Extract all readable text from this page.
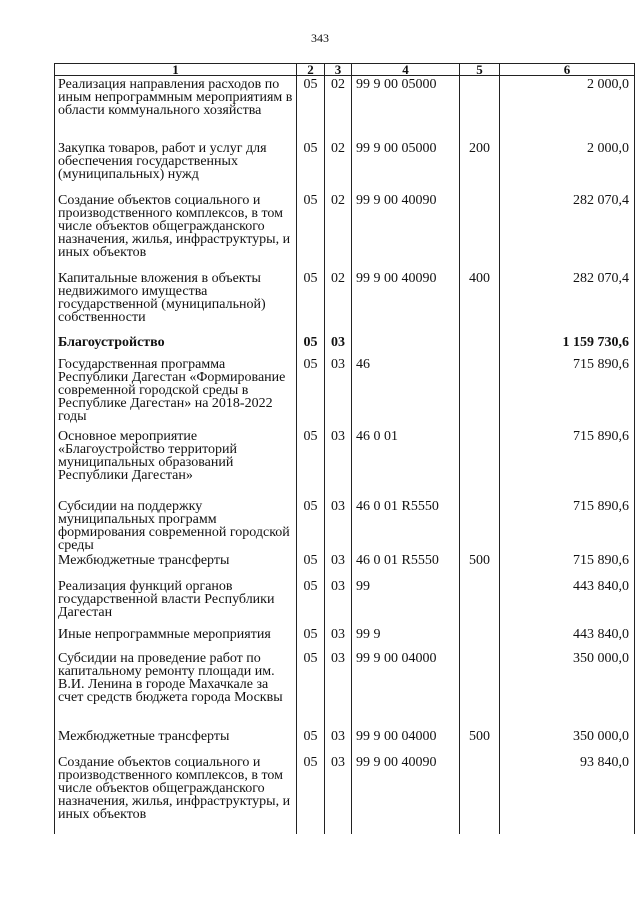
343
1	2	3	4	5	6
Реализация направления расходов по иным непрограммным мероприятиям в области коммунального хозяйства	05	02	99 9 00 05000		2 000,0
Закупка товаров, работ и услуг для обеспечения государственных (муниципальных) нужд	05	02	99 9 00 05000	200	2 000,0
Создание объектов социального и производственного комплексов, в том числе объектов общегражданского назначения, жилья, инфраструктуры, и иных объектов	05	02	99 9 00 40090		282 070,4
Капитальные вложения в объекты недвижимого имущества государственной (муниципальной) собственности	05	02	99 9 00 40090	400	282 070,4
Благоустройство	05	03			1 159 730,6
Государственная программа Республики Дагестан «Формирование современной городской среды в Республике Дагестан» на 2018-2022 годы	05	03	46		715 890,6
Основное мероприятие «Благоустройство территорий муниципальных образований Республики Дагестан»	05	03	46 0 01		715 890,6
Субсидии на поддержку муниципальных программ формирования современной городской среды	05	03	46 0 01 R5550		715 890,6
Межбюджетные трансферты	05	03	46 0 01 R5550	500	715 890,6
Реализация функций органов государственной власти Республики Дагестан	05	03	99		443 840,0
Иные непрограммные мероприятия	05	03	99 9		443 840,0
Субсидии на проведение работ по капитальному ремонту площади им. В.И. Ленина в городе Махачкале за счет средств бюджета города Москвы	05	03	99 9 00 04000		350 000,0
Межбюджетные трансферты	05	03	99 9 00 04000	500	350 000,0
Создание объектов социального и производственного комплексов, в том числе объектов общегражданского назначения, жилья, инфраструктуры, и иных объектов	05	03	99 9 00 40090		93 840,0
